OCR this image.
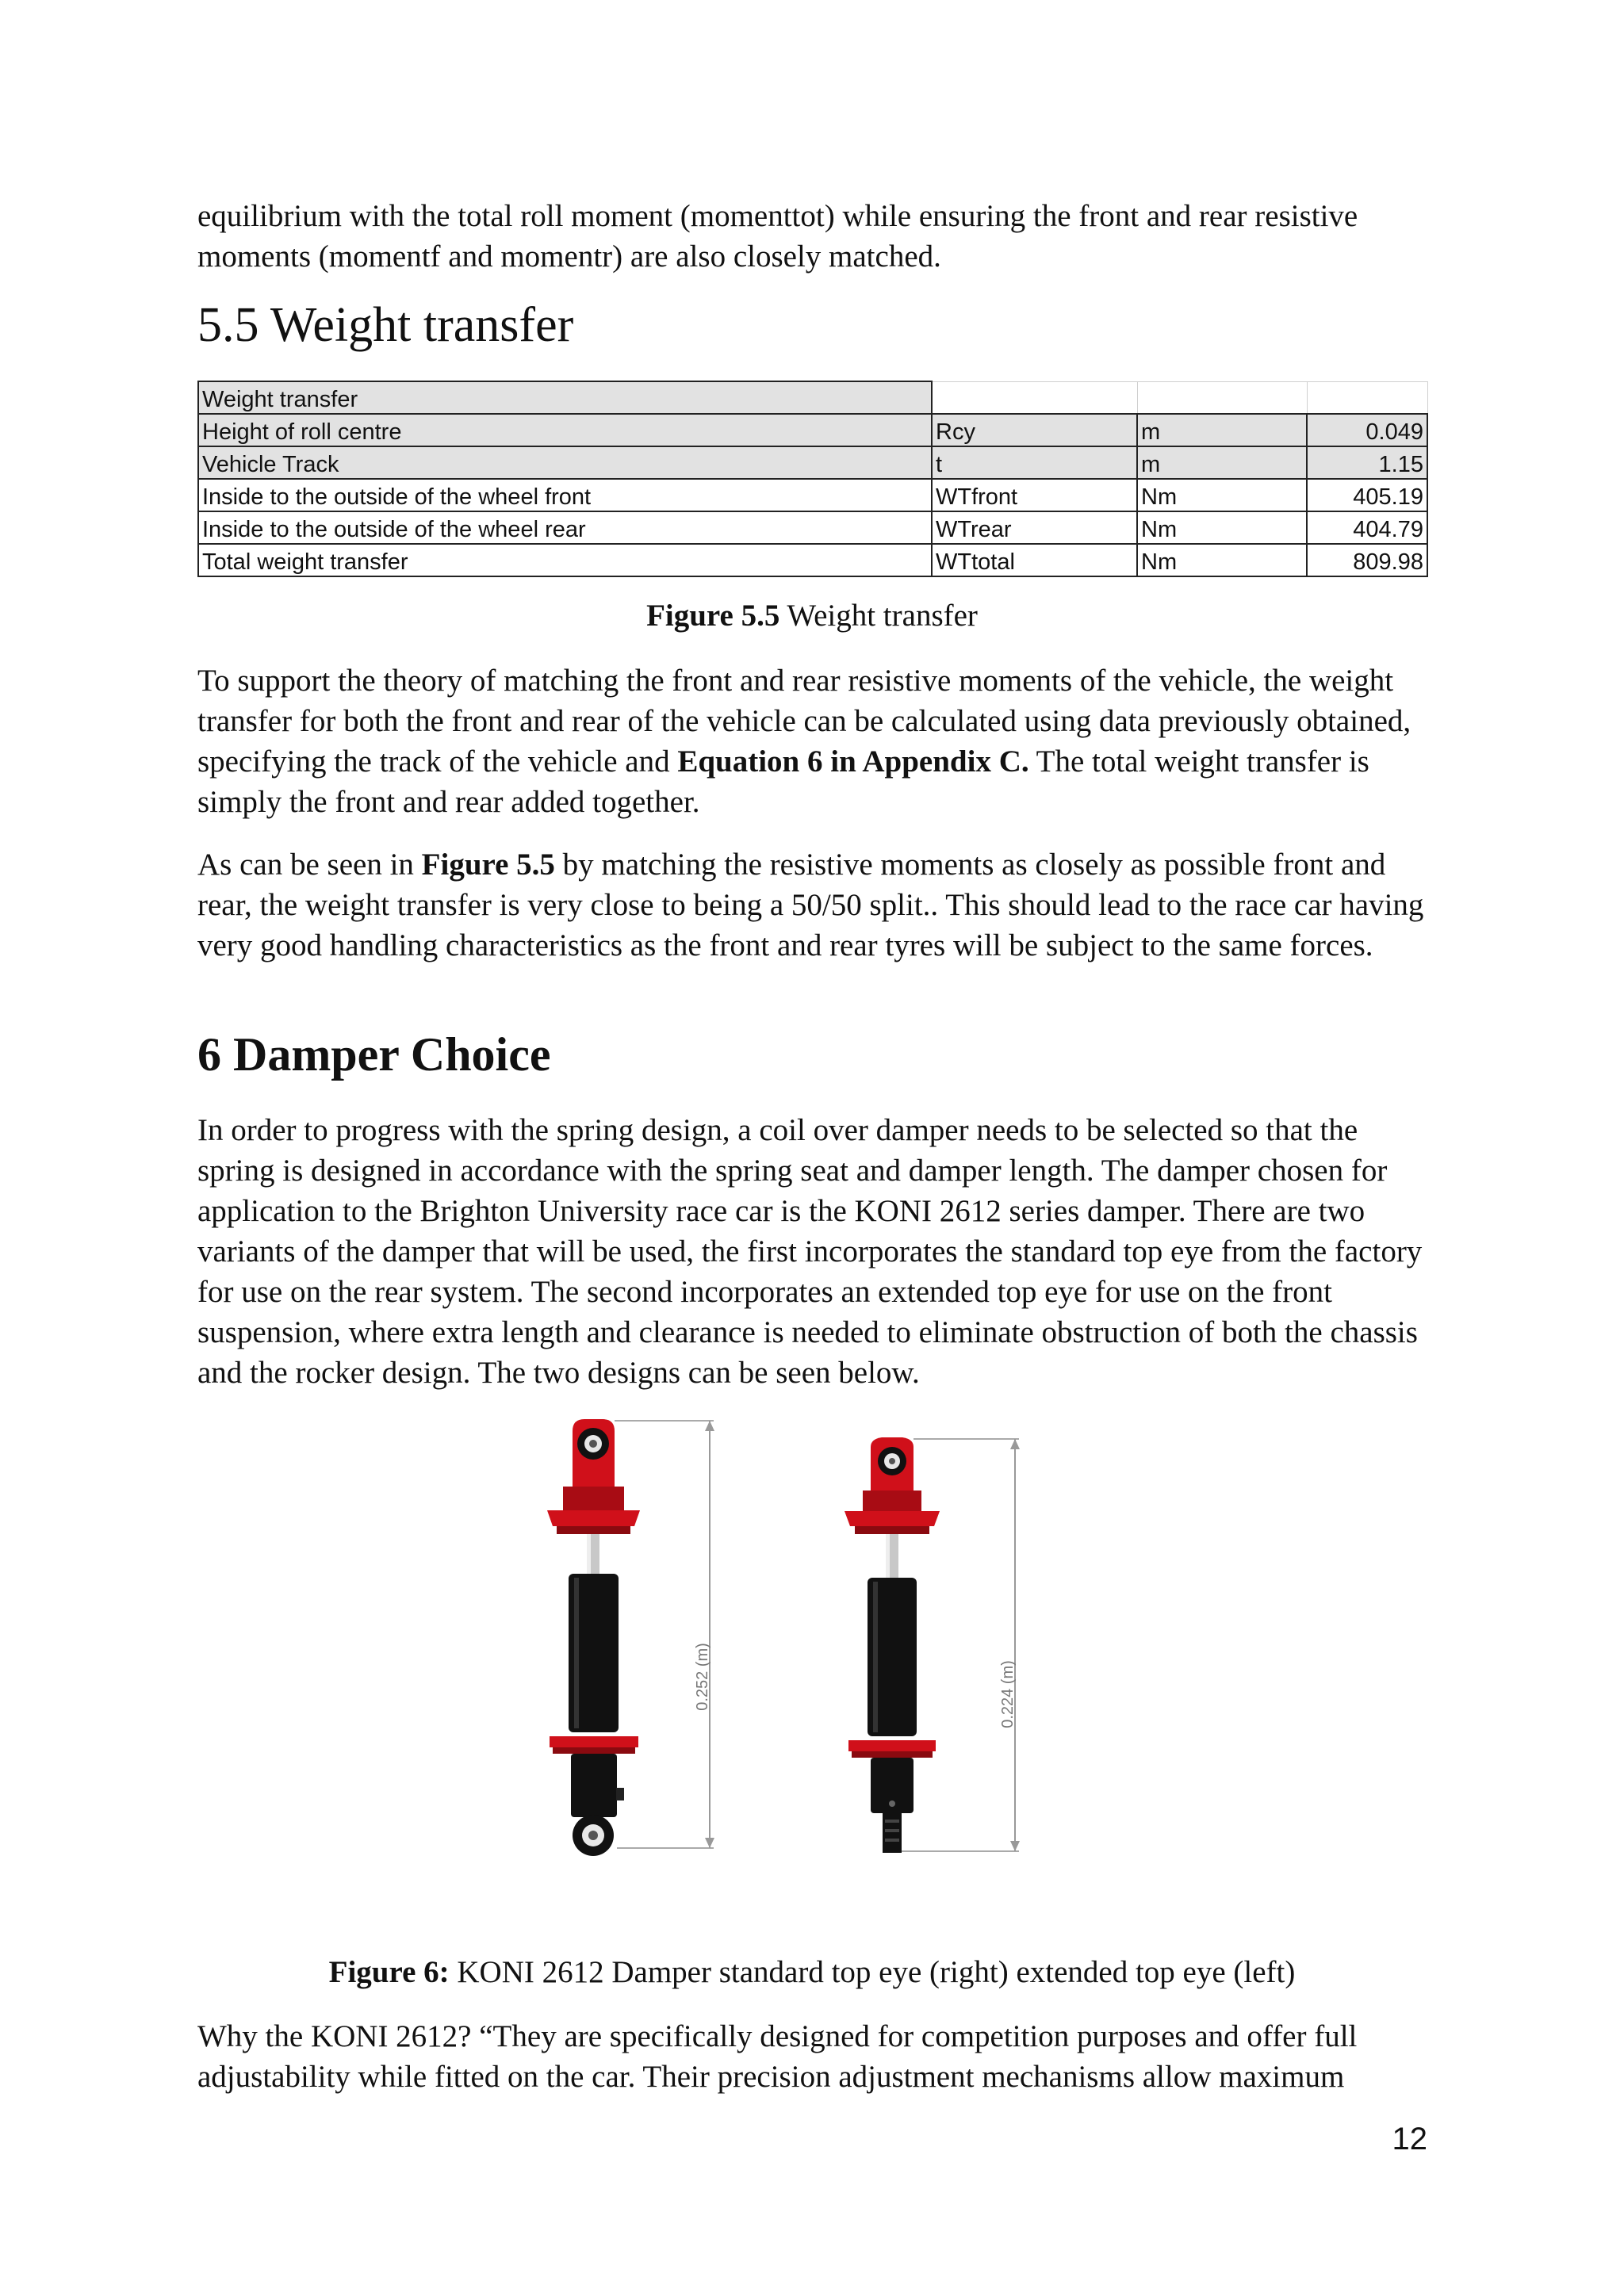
equilibrium with the total roll moment (momenttot) while ensuring the front and rear resistive moments (momentf and momentr) are also closely matched.

5.5 Weight transfer
Weight transfer			
Height of roll centre	Rcy	m	0.049
Vehicle Track	t	m	1.15
Inside to the outside of the wheel front	WTfront	Nm	405.19
Inside to the outside of the wheel rear	WTrear	Nm	404.79
Total weight transfer	WTtotal	Nm	809.98
Figure 5.5 Weight transfer

To support the theory of matching the front and rear resistive moments of the vehicle, the weight transfer for both the front and rear of the vehicle can be calculated using data previously obtained, specifying the track of the vehicle and Equation 6 in Appendix C. The total weight transfer is simply the front and rear added together.

As can be seen in Figure 5.5 by matching the resistive moments as closely as possible front and rear, the weight transfer is very close to being a 50/50 split.. This should lead to the race car having very good handling characteristics as the front and rear tyres will be subject to the same forces.

6 Damper Choice

In order to progress with the spring design, a coil over damper needs to be selected so that the spring is designed in accordance with the spring seat and damper length. The damper chosen for application to the Brighton University race car is the KONI 2612 series damper. There are two variants of the damper that will be used, the first incorporates the standard top eye from the factory for use on the rear system. The second incorporates an extended top eye for use on the front suspension, where extra length and clearance is needed to eliminate obstruction of both the chassis and the rocker design. The two designs can be seen below.

0.252 (m)	0.224 (m)
Figure 6: KONI 2612 Damper standard top eye (right) extended top eye (left)

Why the KONI 2612? “They are specifically designed for competition purposes and offer full adjustability while fitted on the car. Their precision adjustment mechanisms allow maximum

12
